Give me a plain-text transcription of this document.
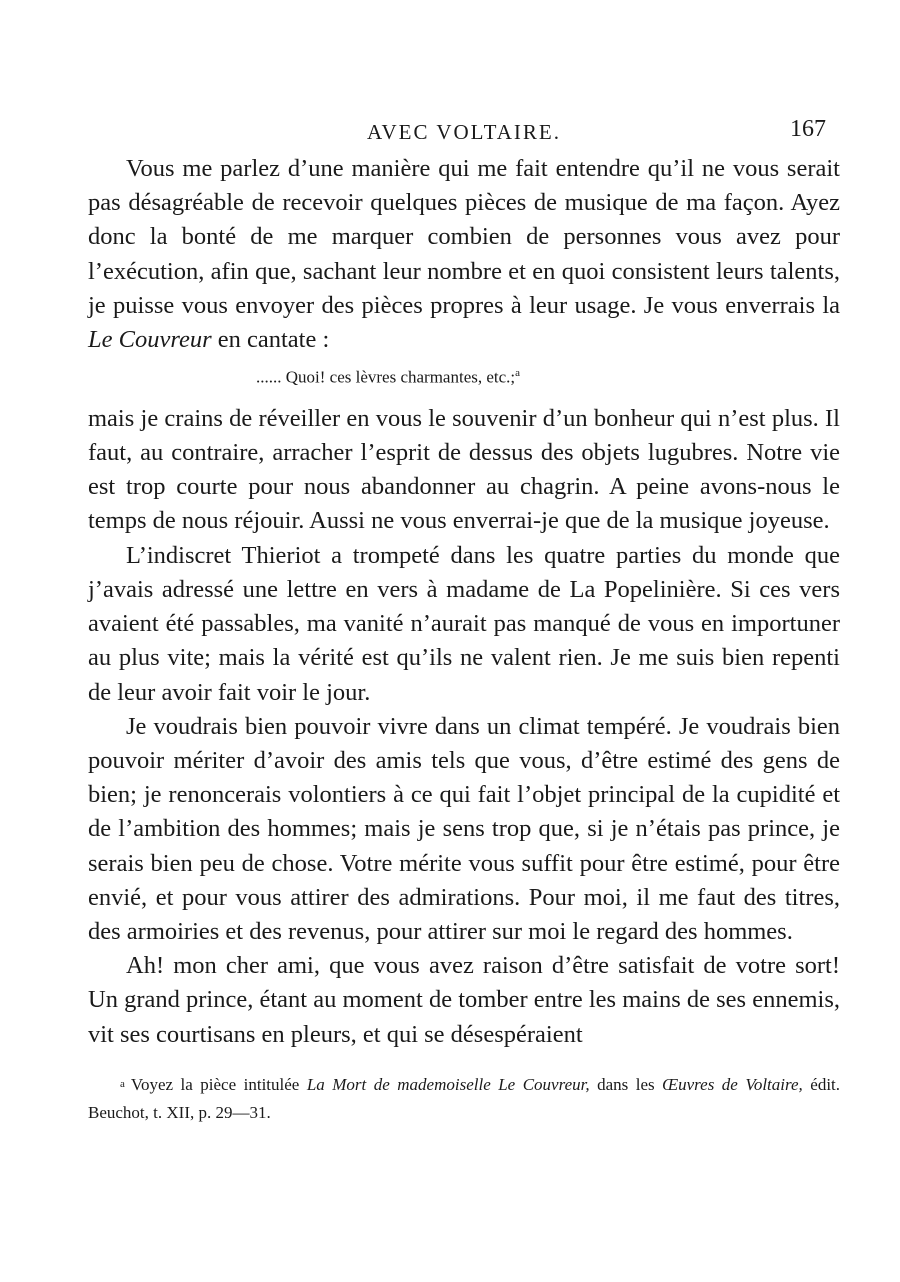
AVEC VOLTAIRE.	167

Vous me parlez d’une manière qui me fait entendre qu’il ne vous serait pas désagréable de recevoir quelques pièces de musique de ma façon. Ayez donc la bonté de me marquer combien de personnes vous avez pour l’exécution, afin que, sachant leur nombre et en quoi consistent leurs talents, je puisse vous envoyer des pièces propres à leur usage. Je vous enverrais la Le Couvreur en cantate :

...... Quoi! ces lèvres charmantes, etc.;$^a$

mais je crains de réveiller en vous le souvenir d’un bonheur qui n’est plus. Il faut, au contraire, arracher l’esprit de dessus des objets lugubres. Notre vie est trop courte pour nous abandonner au chagrin. A peine avons-nous le temps de nous réjouir. Aussi ne vous enverrai-je que de la musique joyeuse.

L’indiscret Thieriot a trompeté dans les quatre parties du monde que j’avais adressé une lettre en vers à madame de La Popelinière. Si ces vers avaient été passables, ma vanité n’aurait pas manqué de vous en importuner au plus vite; mais la vérité est qu’ils ne valent rien. Je me suis bien repenti de leur avoir fait voir le jour.

Je voudrais bien pouvoir vivre dans un climat tempéré. Je voudrais bien pouvoir mériter d’avoir des amis tels que vous, d’être estimé des gens de bien; je renoncerais volontiers à ce qui fait l’objet principal de la cupidité et de l’ambition des hommes; mais je sens trop que, si je n’étais pas prince, je serais bien peu de chose. Votre mérite vous suffit pour être estimé, pour être envié, et pour vous attirer des admirations. Pour moi, il me faut des titres, des armoiries et des revenus, pour attirer sur moi le regard des hommes.

Ah! mon cher ami, que vous avez raison d’être satisfait de votre sort! Un grand prince, étant au moment de tomber entre les mains de ses ennemis, vit ses courtisans en pleurs, et qui se désespéraient

a Voyez la pièce intitulée La Mort de mademoiselle Le Couvreur, dans les Œuvres de Voltaire, édit. Beuchot, t. XII, p. 29—31.
